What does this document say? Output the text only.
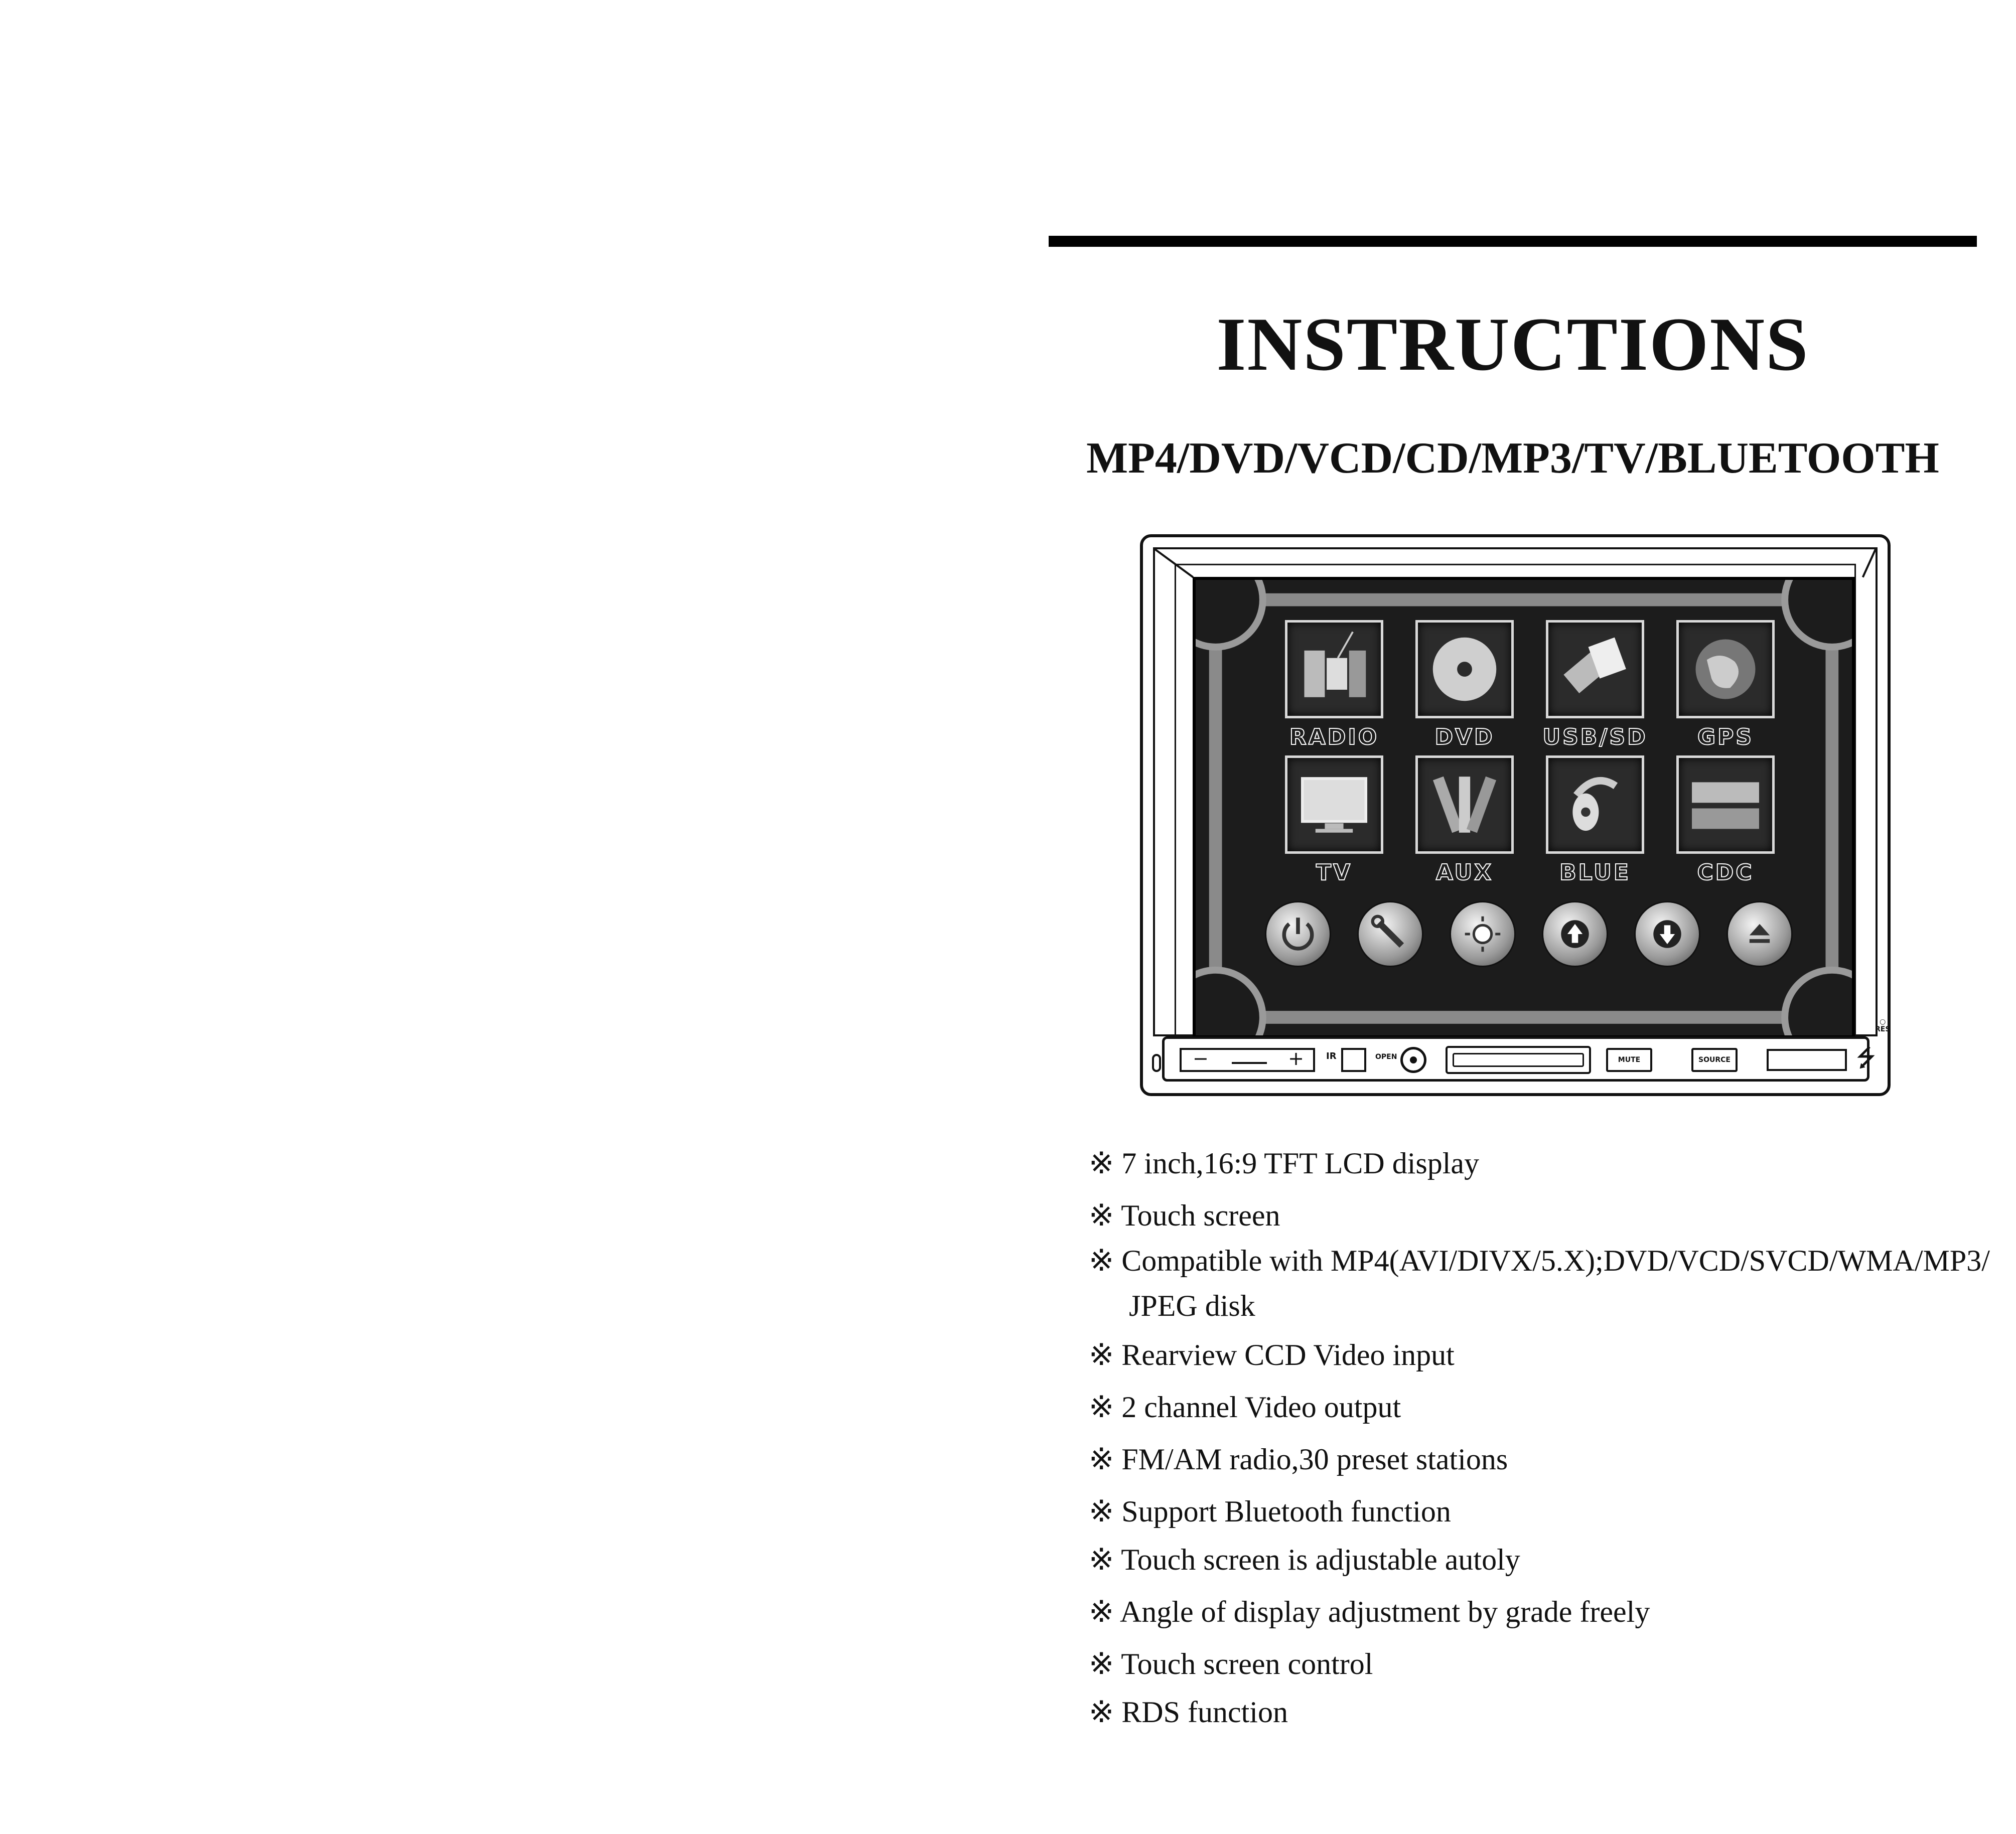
INSTRUCTIONS
MP4/DVD/VCD/CD/MP3/TV/BLUETOOTH
RADIO	DVD	USB/SD	GPS
TV	AUX	BLUE	CDC
○
RES
−	+ IR	OPEN	MUTE	SOURCE	⭍
※ 7 inch,16:9 TFT LCD display
※ Touch screen
※ Compatible with MP4(AVI/DIVX/5.X);DVD/VCD/SVCD/WMA/MP3/
JPEG disk
※ Rearview CCD Video input
※ 2 channel Video output
※ FM/AM radio,30 preset stations
※ Support Bluetooth function
※ Touch screen is adjustable autoly
※ Angle of display adjustment by grade freely
※ Touch screen control
※ RDS function
